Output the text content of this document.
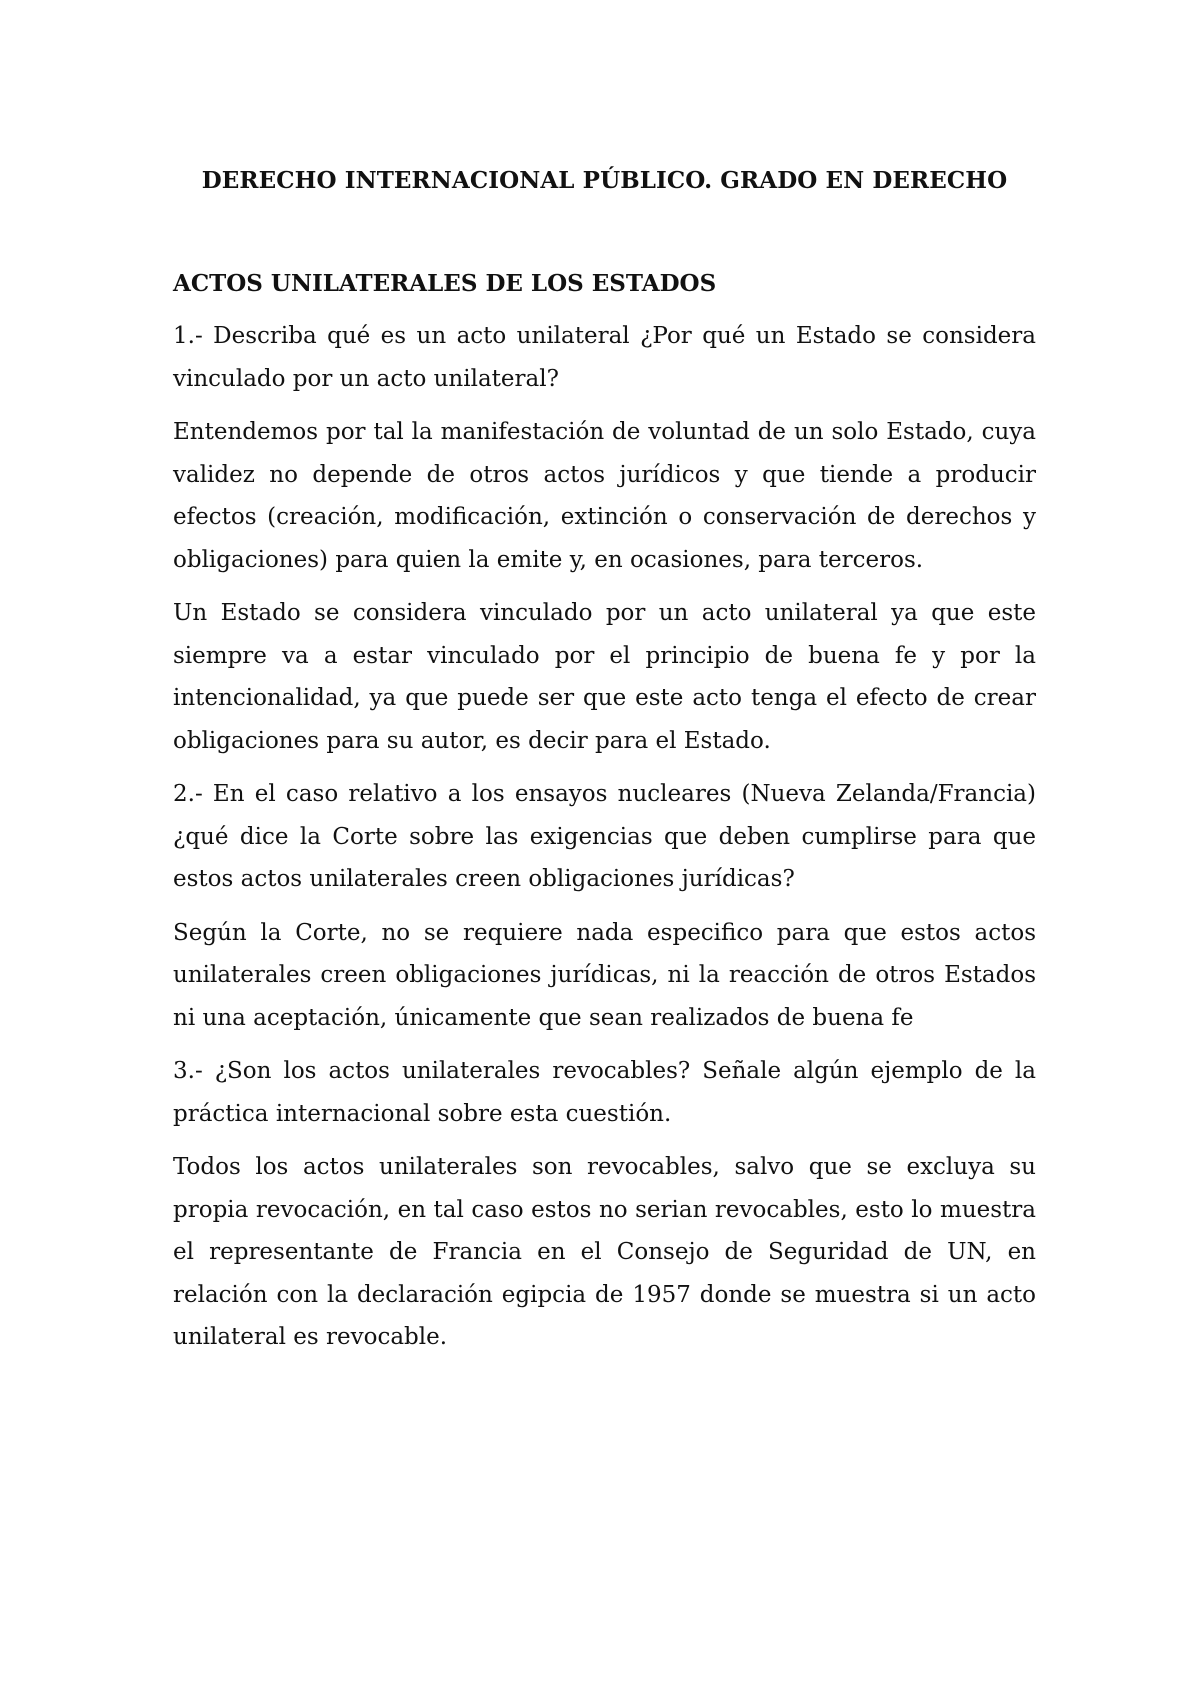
DERECHO INTERNACIONAL PÚBLICO. GRADO EN DERECHO

ACTOS UNILATERALES DE LOS ESTADOS

1.- Describa qué es un acto unilateral ¿Por qué un Estado se considera vinculado por un acto unilateral?

Entendemos por tal la manifestación de voluntad de un solo Estado, cuya validez no depende de otros actos jurídicos y que tiende a producir efectos (creación, modificación, extinción o conservación de derechos y obligaciones) para quien la emite y, en ocasiones, para terceros.

Un Estado se considera vinculado por un acto unilateral ya que este siempre va a estar vinculado por el principio de buena fe y por la intencionalidad, ya que puede ser que este acto tenga el efecto de crear obligaciones para su autor, es decir para el Estado.

2.- En el caso relativo a los ensayos nucleares (Nueva Zelanda/Francia) ¿qué dice la Corte sobre las exigencias que deben cumplirse para que estos actos unilaterales creen obligaciones jurídicas?

Según la Corte, no se requiere nada especifico para que estos actos unilaterales creen obligaciones jurídicas, ni la reacción de otros Estados ni una aceptación, únicamente que sean realizados de buena fe

3.- ¿Son los actos unilaterales revocables? Señale algún ejemplo de la práctica internacional sobre esta cuestión.

Todos los actos unilaterales son revocables, salvo que se excluya su propia revocación, en tal caso estos no serian revocables, esto lo muestra el representante de Francia en el Consejo de Seguridad de UN, en relación con la declaración egipcia de 1957 donde se muestra si un acto unilateral es revocable.
